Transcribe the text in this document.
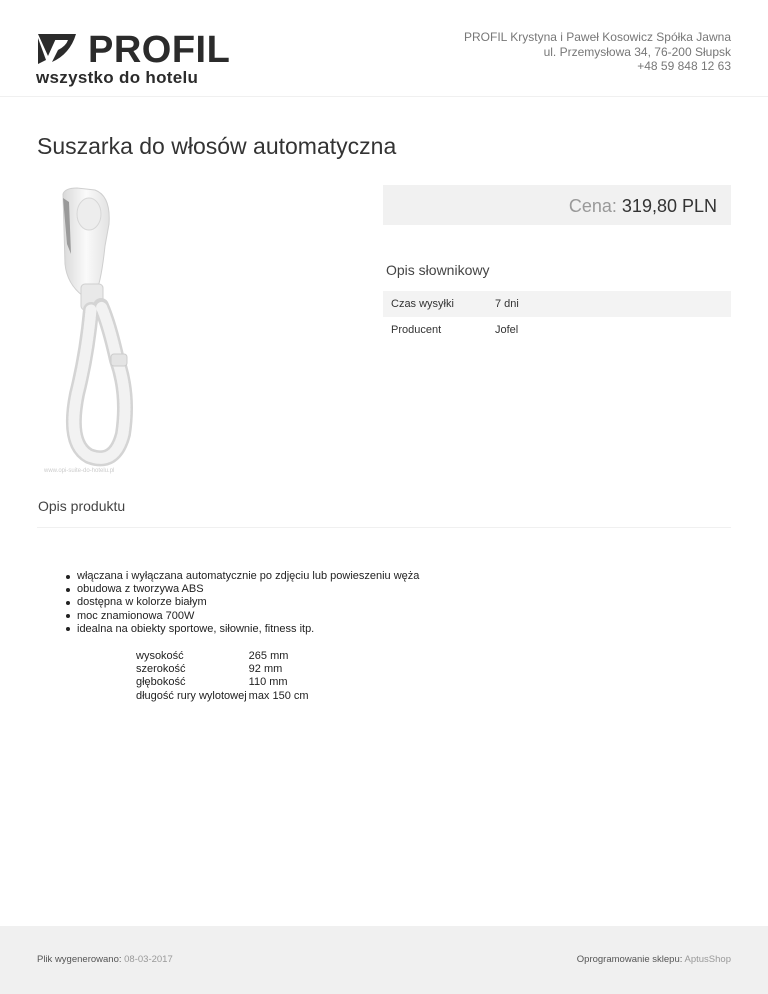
PROFIL
wszystko do hotelu
PROFIL Krystyna i Paweł Kosowicz Spółka Jawna
ul. Przemysłowa 34, 76-200 Słupsk
+48 59 848 12 63
Suszarka do włosów automatyczna
www.opi-suite-do-hotelu.pl
Cena: 319,80 PLN
Opis słownikowy
Czas wysyłki	7 dni
Producent	Jofel
Opis produktu
włączana i wyłączana automatycznie po zdjęciu lub powieszeniu węża
obudowa z tworzywa ABS
dostępna w kolorze białym
moc znamionowa 700W
idealna na obiekty sportowe, siłownie, fitness itp.
wysokość	265 mm
szerokość	92 mm
głębokość	110 mm
długość rury wylotowej	max 150 cm
Plik wygenerowano: 08-03-2017	Oprogramowanie sklepu: AptusShop
